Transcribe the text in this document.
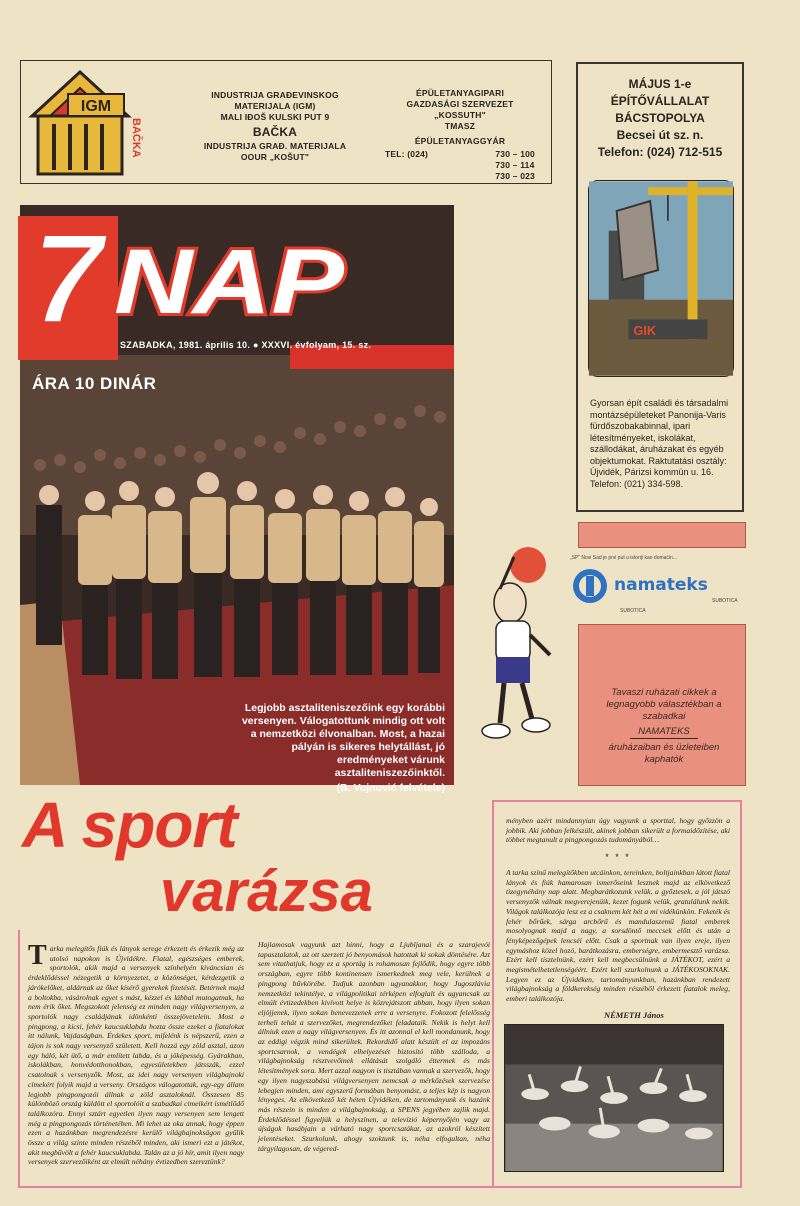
IGM
BAČKA
INDUSTRIJA GRAĐEVINSKOG
MATERIJALA (IGM)
MALI IĐOŠ KULSKI PUT 9
BAČKA
INDUSTRIJA GRAĐ. MATERIJALA
OOUR „KOŠUT"
ÉPÜLETANYAGIPARI
GAZDASÁGI SZERVEZET
„KOSSUTH"
TMASZ
ÉPÜLETANYAGGYÁR
TEL: (024)	730 – 100
730 – 114
730 – 023
MÁJUS 1-e
ÉPÍTŐVÁLLALAT
BÁCSTOPOLYA
Becsei út sz. n.
Telefon: (024) 712-515
GIK
Gyorsan épít családi és társadalmi montázsépületeket Panonija-Varis fürdőszobakabinnal, ipari létesítményeket, iskolákat, szállodákat, áruházakat és egyéb objektumokat. Raktutatási osztály: Újvidék, Párizsi kommün u. 16. Telefon: (021) 334-598.
7 NAP
SZABADKA, 1981. április 10. ● XXXVI. évfolyam, 15. sz.
ÁRA 10 DINÁR
Legjobb asztaliteniszezőink egy korábbi versenyen. Válogatottunk mindig ott volt a nemzetközi élvonalban. Most, a hazai pályán is sikeres helytállást, jó eredményeket várunk asztaliteniszezőinktől.
(B. Vojnović felvétele)
„SP” Novi Sad je prvi put u istoriji kao domaćin...
namateks
SUBOTICA
SUBOTICA
Tavaszi ruházati cikkek a legnagyobb választékban a szabadkai
NAMATEKS
áruházaiban és üzleteiben kaphatók
A sport
varázsa
ményben azért mindannyian úgy vagyunk a sporttal, hogy győzzön a jobbik. Aki jobban felkészült, akinek jobban sikerült a formaidőzítése, aki többet megtanult a pingpongozás tudományából…
* * *
A tarka színű melegítőkben utcáinkon, tereinken, boltjainkban látott fiatal lányok és fiúk hamarosan ismerőseink lesznek majd az elkövetkező tizegynéhány nap alatt. Megbarátkozunk velük, a győztesek, a jól játszó versenyzők válnak megverejenüik, kezet fogunk velük, gratulálunk nekik. Világok találkozója lesz ez a csaknem két hét a mi vidékünkön. Feketék és fehér bőrűek, sárga arcbőrű és mandulaszemű fiatal emberek mosolyognak majd a nagy, a sorsdöntő meccsek előtt és után a fényképezőgépek lencséi előtt. Csak a sportnak van ilyen ereje, ilyen egymáshoz közel hozó, barátkozásra, emberségre, embermesztő varázsa. Ezért kell tisztelnünk, ezért kell megbecsülnünk a JÁTÉKOT, ezért a megismételhetetlenségéért. Ezért kell szurkolnunk a JÁTÉKOSOKNAK. Legyen ez az Újvidéken, tartományunkban, hazánkban rendezett világbajnokság a földkerekség minden részéből érkezett fiatalok meleg, emberi találkozója.
NÉMETH János
T arka melegítős fiúk és lányok serege érkezett és érkezik még az utolsó napokon is Újvidékre. Fiatal, egészséges emberek, sportolók, akik majd a versenyek színhelyén kíváncsian és érdeklődéssel nézegetik a környezetet, a közönséget, kérdezgetik a járókelőket, aldárnak az őket kísérő gyerekek fizetését. Betérnek majd a boltokba, vásárolnak egyet s mást, kézzel és lábbal mutogatnak, ha nem érik őket. Megszokott jelenség ez minden nagy világversenyen, a sportolók nagy családjának idönkénti összejövetelein. Most a pingpong, a kicsi, fehér kaucsuklabda hozta össze ezeket a fiatalokat itt nálunk, Vajdaságban. Érdekes sport, mifelénk is népszerű, ezen a tájon is sok nagy versenyző született. Kell hozzá egy zöld asztal, azon egy háló, két ütő, a már említett labda, és a jóképesség. Gyárakban, iskolákban, honvédotthonokban, egyesületekben játsszák, ezzel csatolnak s versenyzők. Most, az idei nagy versenyen világbajnoki címekért folyik majd a verseny. Országos válogatottak, egy-egy állam legjobb pingpongozói állnak a zöld asztaloknál. Összesen 85 különböző ország küldött el sportolóit a szabadkai cimeikért ismétlődő találkozóra. Ennyi sztárt egyetlen ilyen nagy versenyen sem lengett még a pingpongozás történetében. Mi lehet az oka annak, hogy éppen ezen a hazánkban megrendezésre kerülő világbajnokságon gyűlik össze a világ szinte minden részéből minden, aki ismeri ezt a játékot, akit megbűvölt a fehér kaucsuklabda. Talán az a jó hír, amit ilyen nagy versenyek szervezőiként az elmúlt néhány évtizedben szereztünk?
Hajlamosak vagyunk azt hinni, hogy a Ljubljanai és a szarajevói tapasztalatok, az ott szerzett jó benyomások hatottak ki sokak döntésére. Azt sem vitathatjuk, hogy ez a sportág is rohamosan fejlődik, hogy egyre több országban, egyre több kontinensen ismerkednek meg vele, kerülnek a pingpong bűvkörébe. Tudjuk azonban ugyanakkor, hogy Jugoszlávia nemzetközi tekintélye, a világpolitikai térképen elfoglalt és ugyancsak az elmúlt évtizedekben kivívott helye is közrejátszott abban, hogy ilyen sokan eljöjjenek, ilyen sokan benevezzenek erre a versenyre. Fokozott felelősség terheli tehát a szervezőket, megrendezőket feladataik. Nekik is helyt kell állniuk ezen a nagy világversenyen. És itt azonnal el kell mondanunk, hogy az eddigi végzik mind sikerültek. Rekordidő alatt készült el az impozáns sportcsarnok, a vendégek elhelyezését biztosító több szálloda, a világbajnokság résztvevőinek ellátását szolgáló éttermek és más létesítmények sora. Mert azzal nagyon is tisztában vannak a szervezők, hogy egy ilyen nagyszabású világversenyen nemcsak a mérkőzések szervezése lebegjen minden, ami egyszerű formában benyomást, a teljes kép is nagyon lényeges. Az elkövetkező két héten Újvidéken, de tartományunk és hazánk más részein is minden a világbajnokság, a SPENS jegyében zajlik majd. Érdeklődéssel figyeljük a helyszínen, a televízió képernyőjén vagy az újságok hasábjain a várható nagy sportcsatákat, az azokról készített jelentéseket. Szurkolunk, ahogy szoktunk is, néha elfogultan, néha tárgyilagosan, de végered-
